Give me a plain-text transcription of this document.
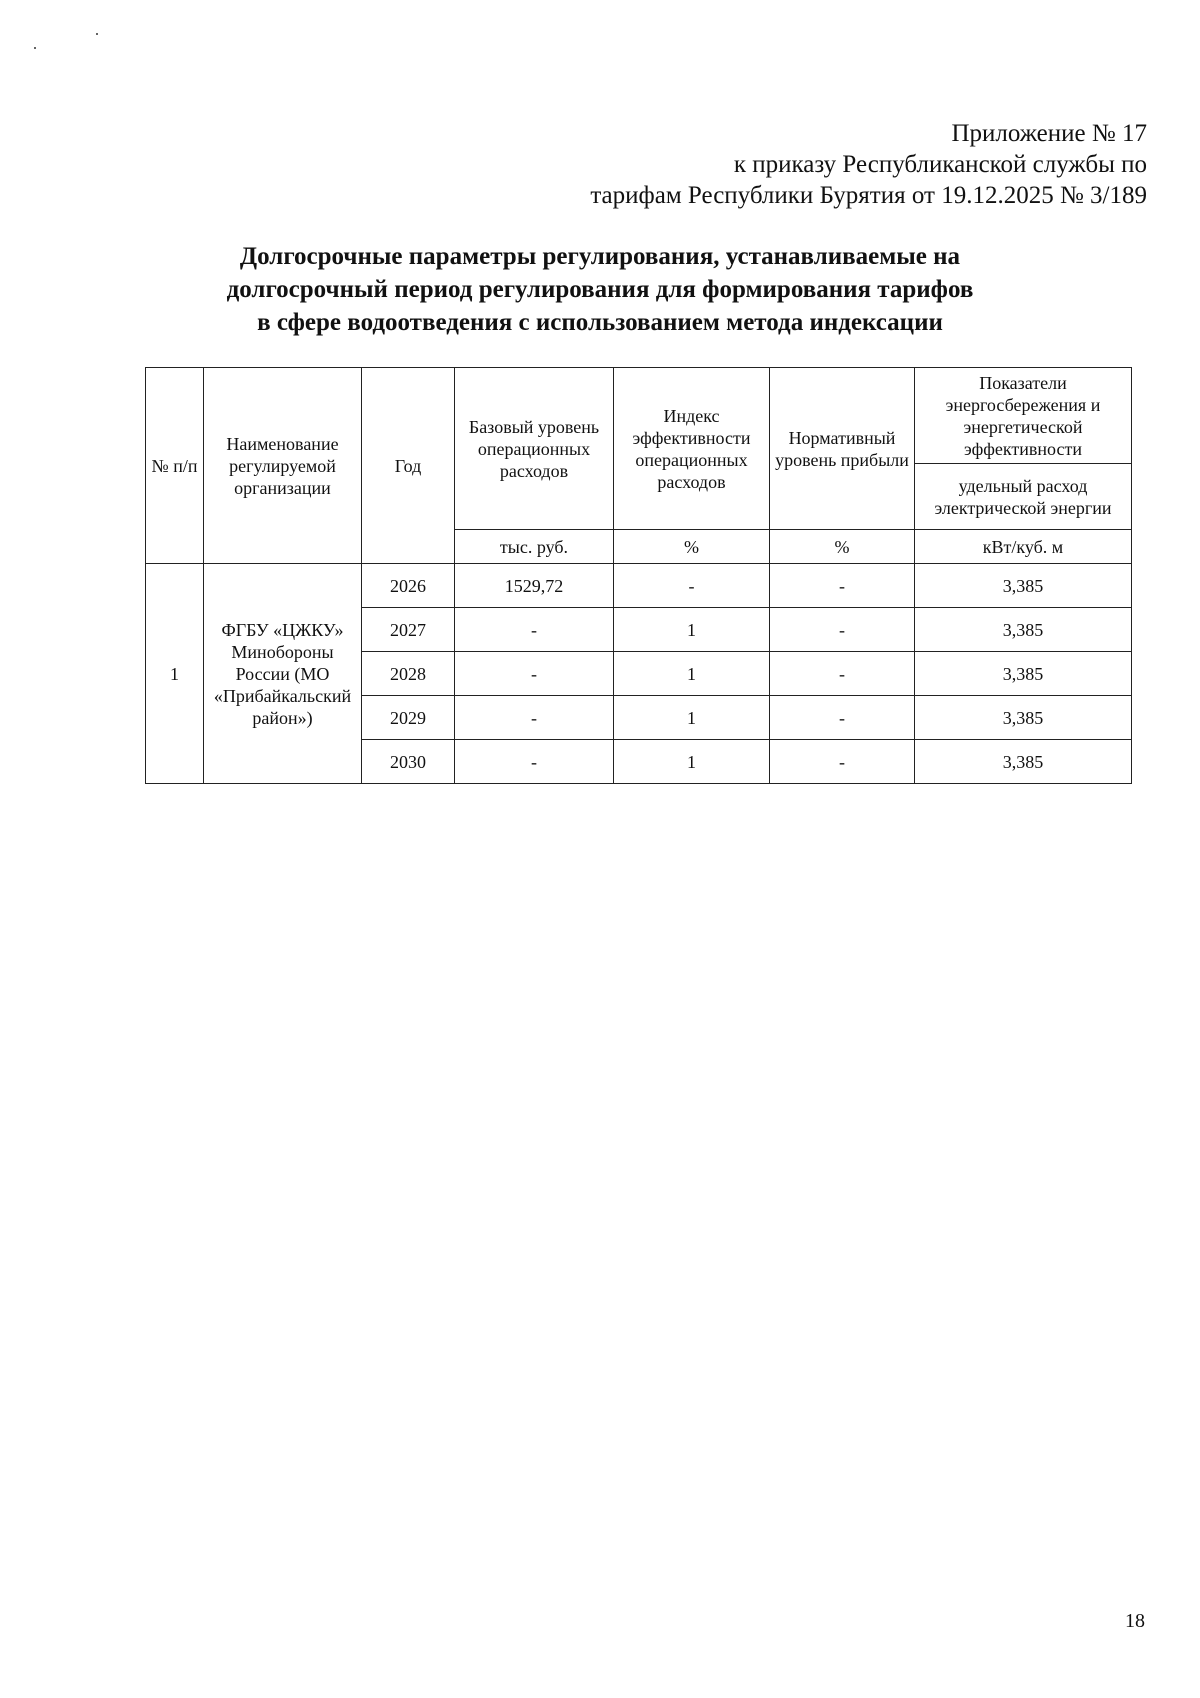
Приложение № 17
к приказу Республиканской службы по
тарифам Республики Бурятия от 19.12.2025 № 3/189
Долгосрочные параметры регулирования, устанавливаемые на
долгосрочный период регулирования для формирования тарифов
в сфере водоотведения с использованием метода индексации
№ п/п	Наименование регулируемой организации	Год	Базовый уровень операционных расходов	Индекс эффективности операционных расходов	Нормативный уровень прибыли	Показатели энергосбережения и энергетической эффективности
						удельный расход электрической энергии
			тыс. руб.	%	%	кВт/куб. м
1	ФГБУ «ЦЖКУ» Минобороны России (МО «Прибайкальский район»)	2026	1529,72	-	-	3,385
		2027	-	1	-	3,385
		2028	-	1	-	3,385
		2029	-	1	-	3,385
		2030	-	1	-	3,385
18
